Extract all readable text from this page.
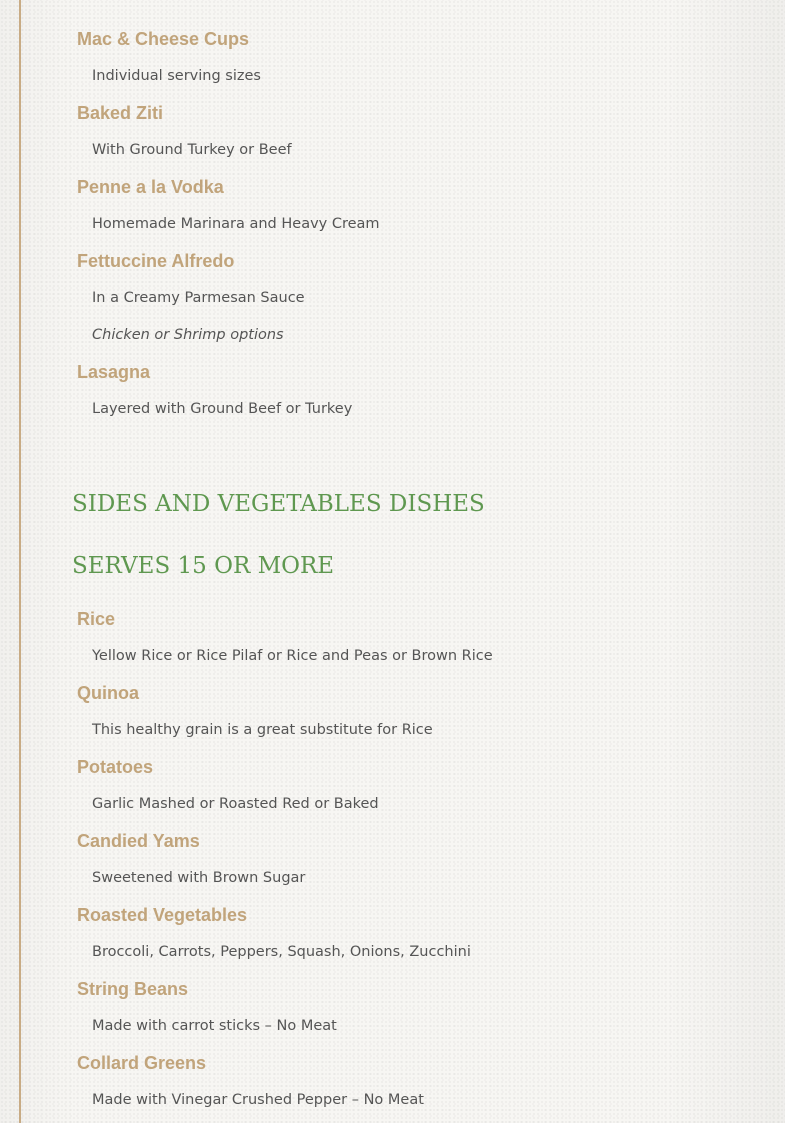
Mac & Cheese Cups
Individual serving sizes
Baked Ziti
With Ground Turkey or Beef
Penne a la Vodka
Homemade Marinara and Heavy Cream
Fettuccine Alfredo
In a Creamy Parmesan Sauce
Chicken or Shrimp options
Lasagna
Layered with Ground Beef or Turkey
SIDES AND VEGETABLES DISHES
SERVES 15 OR MORE
Rice
Yellow Rice or Rice Pilaf or Rice and Peas or Brown Rice
Quinoa
This healthy grain is a great substitute for Rice
Potatoes
Garlic Mashed or Roasted Red or Baked
Candied Yams
Sweetened with Brown Sugar
Roasted Vegetables
Broccoli, Carrots, Peppers, Squash, Onions, Zucchini
String Beans
Made with carrot sticks – No Meat
Collard Greens
Made with Vinegar Crushed Pepper – No Meat
